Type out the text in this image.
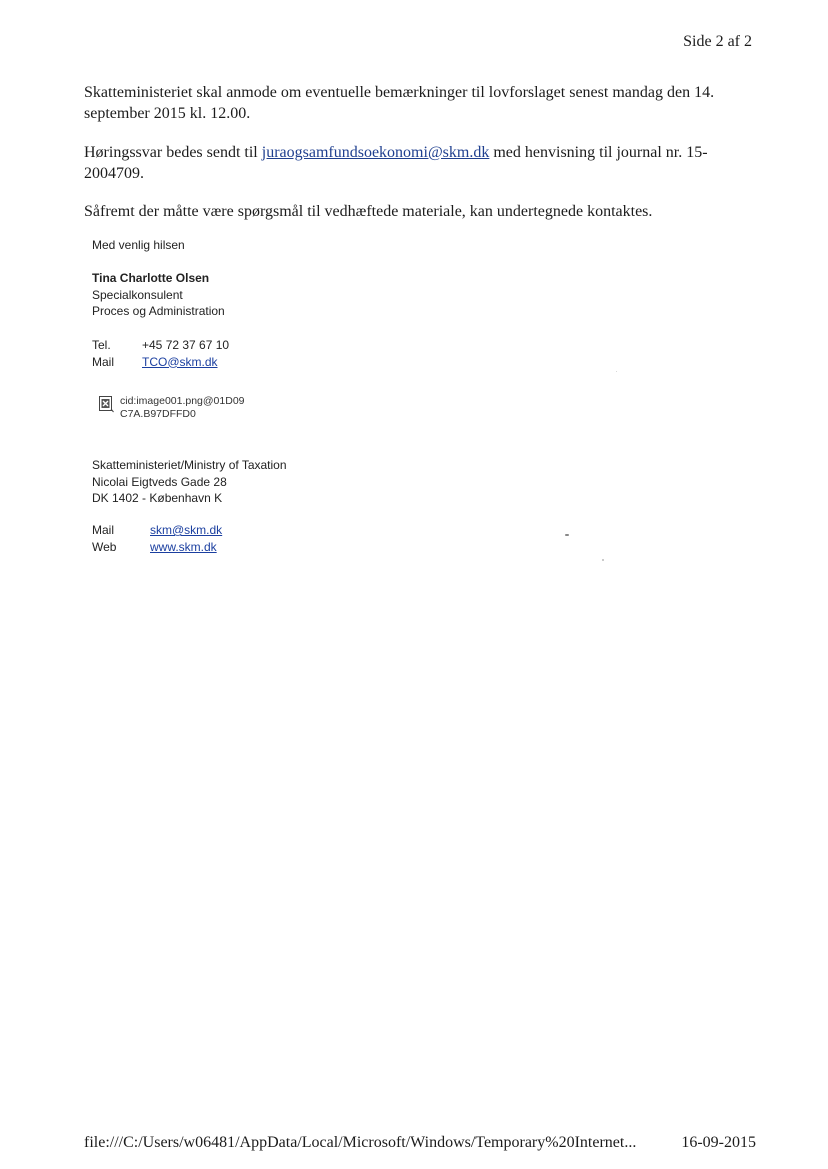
Side 2 af 2
Skatteministeriet skal anmode om eventuelle bemærkninger til lovforslaget senest mandag den 14. september 2015 kl. 12.00.
Høringssvar bedes sendt til juraogsamfundsoekonomi@skm.dk med henvisning til journal nr. 15-2004709.
Såfremt der måtte være spørgsmål til vedhæftede materiale, kan undertegnede kontaktes.
Med venlig hilsen
Tina Charlotte Olsen
Specialkonsulent
Proces og Administration
Tel.	+45 72 37 67 10
Mail	TCO@skm.dk
cid:image001.png@01D09
C7A.B97DFFD0
Skatteministeriet/Ministry of Taxation
Nicolai Eigtveds Gade 28
DK 1402 - København K
Mail	skm@skm.dk
Web	www.skm.dk
file:///C:/Users/w06481/AppData/Local/Microsoft/Windows/Temporary%20Internet...	16-09-2015
